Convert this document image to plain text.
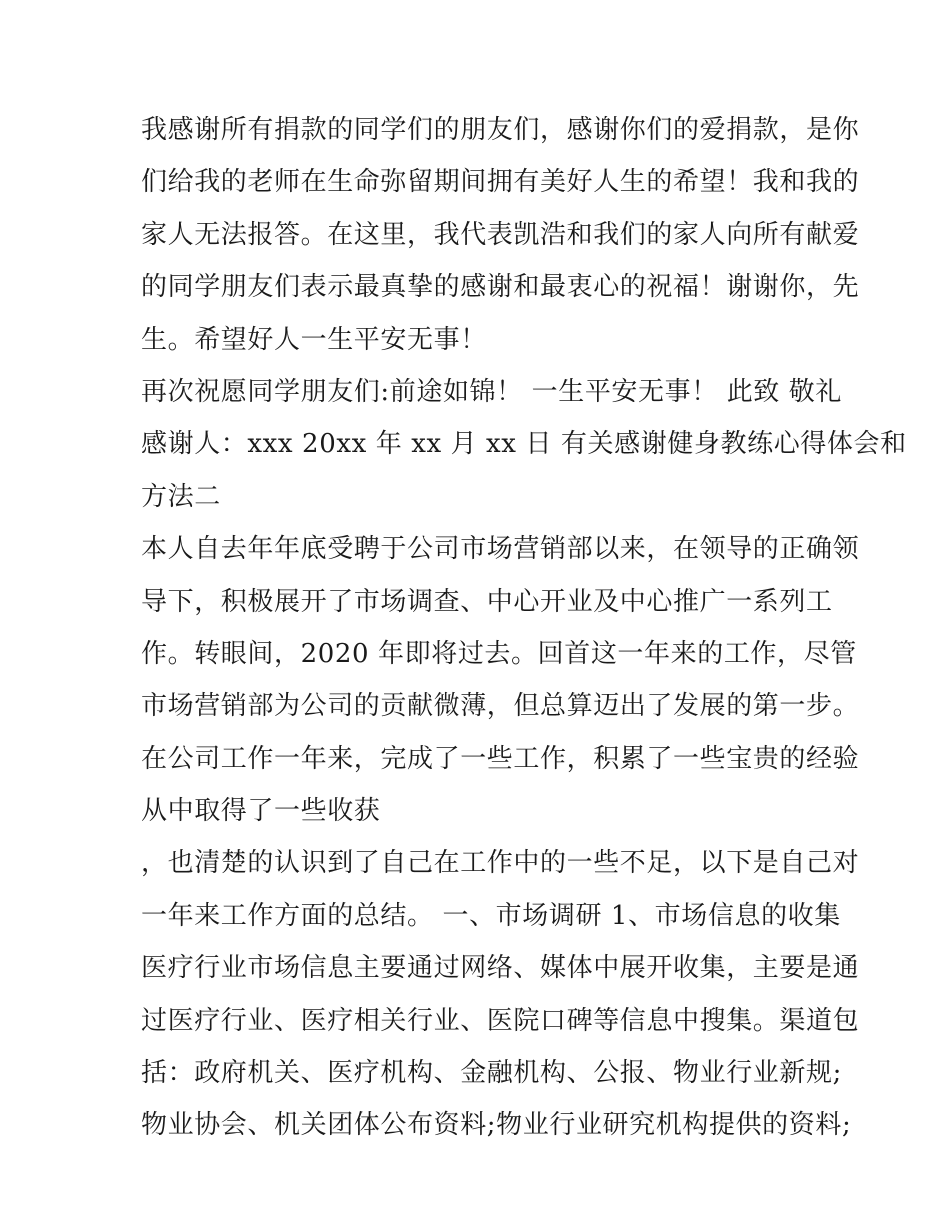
我感谢所有捐款的同学们的朋友们，感谢你们的爱捐款，是你
们给我的老师在生命弥留期间拥有美好人生的希望！我和我的
家人无法报答。在这里，我代表凯浩和我们的家人向所有献爱
的同学朋友们表示最真挚的感谢和最衷心的祝福！谢谢你，先
生。希望好人一生平安无事！
再次祝愿同学朋友们:前途如锦！ 一生平安无事！ 此致 敬礼
感谢人：xxx 20xx 年 xx 月 xx 日 有关感谢健身教练心得体会和
方法二
本人自去年年底受聘于公司市场营销部以来，在领导的正确领
导下，积极展开了市场调查、中心开业及中心推广一系列工
作。转眼间，2020 年即将过去。回首这一年来的工作，尽管
市场营销部为公司的贡献微薄，但总算迈出了发展的第一步。
在公司工作一年来，完成了一些工作，积累了一些宝贵的经验
从中取得了一些收获
，也清楚的认识到了自己在工作中的一些不足，以下是自己对
一年来工作方面的总结。 一、市场调研 1、市场信息的收集
医疗行业市场信息主要通过网络、媒体中展开收集，主要是通
过医疗行业、医疗相关行业、医院口碑等信息中搜集。渠道包
括：政府机关、医疗机构、金融机构、公报、物业行业新规;
物业协会、机关团体公布资料;物业行业研究机构提供的资料;
